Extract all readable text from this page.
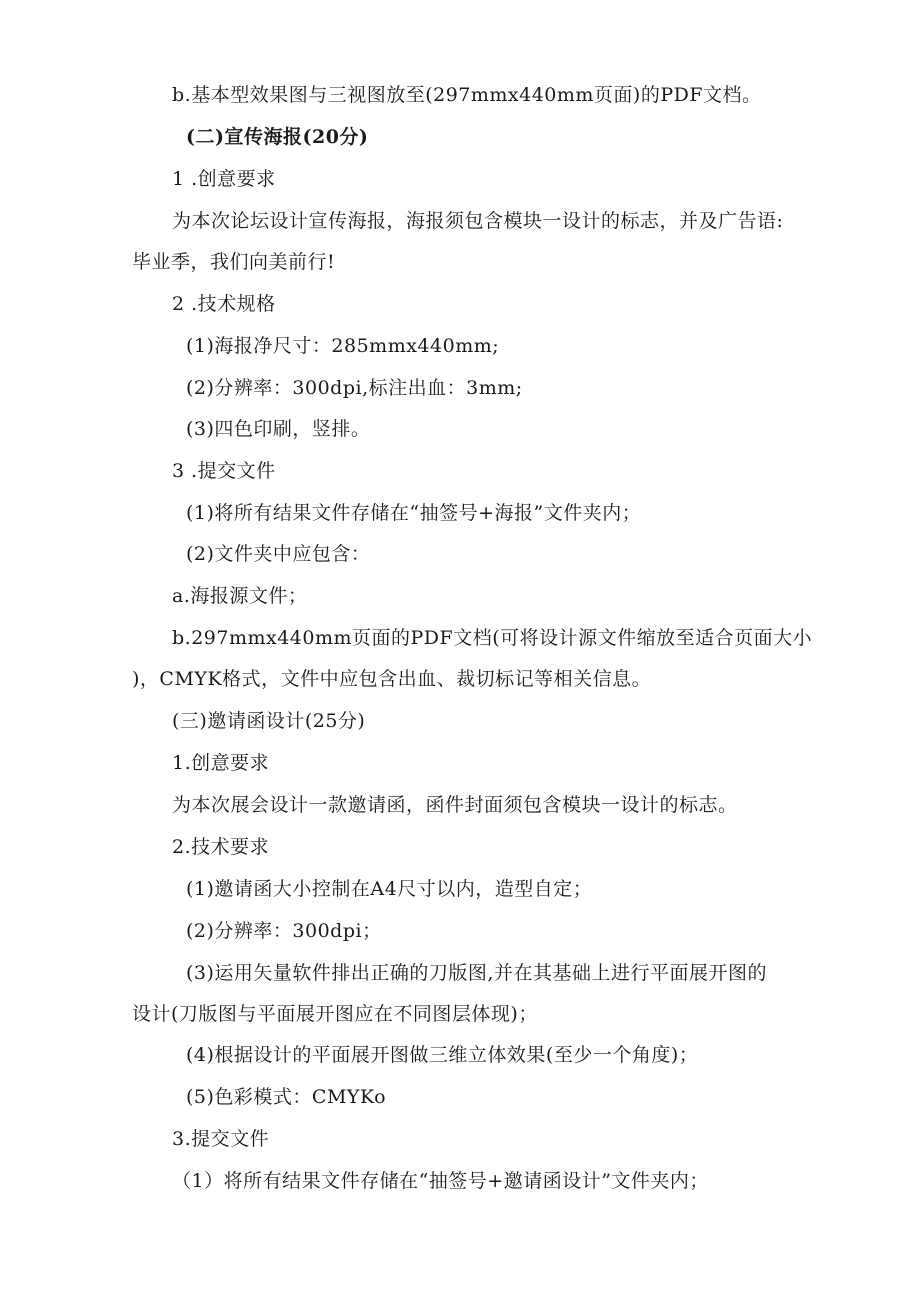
b.基本型效果图与三视图放至(297mmx440mm页面)的PDF文档。
(二)宣传海报(20分)
1 .创意要求
为本次论坛设计宣传海报，海报须包含模块一设计的标志，并及广告语:
毕业季，我们向美前行!
2 .技术规格
(1)海报净尺寸：285mmx440mm;
(2)分辨率：300dpi,标注出血：3mm;
(3)四色印刷，竖排。
3 .提交文件
(1)将所有结果文件存储在“抽签号+海报”文件夹内；
(2)文件夹中应包含：
a.海报源文件；
b.297mmx440mm页面的PDF文档(可将设计源文件缩放至适合页面大小
)，CMYK格式，文件中应包含出血、裁切标记等相关信息。
(三)邀请函设计(25分)
1.创意要求
为本次展会设计一款邀请函，函件封面须包含模块一设计的标志。
2.技术要求
(1)邀请函大小控制在A4尺寸以内，造型自定；
(2)分辨率：300dpi；
(3)运用矢量软件排出正确的刀版图,并在其基础上进行平面展开图的
设计(刀版图与平面展开图应在不同图层体现)；
(4)根据设计的平面展开图做三维立体效果(至少一个角度)；
(5)色彩模式：CMYKo
3.提交文件
（1）将所有结果文件存储在“抽签号+邀请函设计”文件夹内；
